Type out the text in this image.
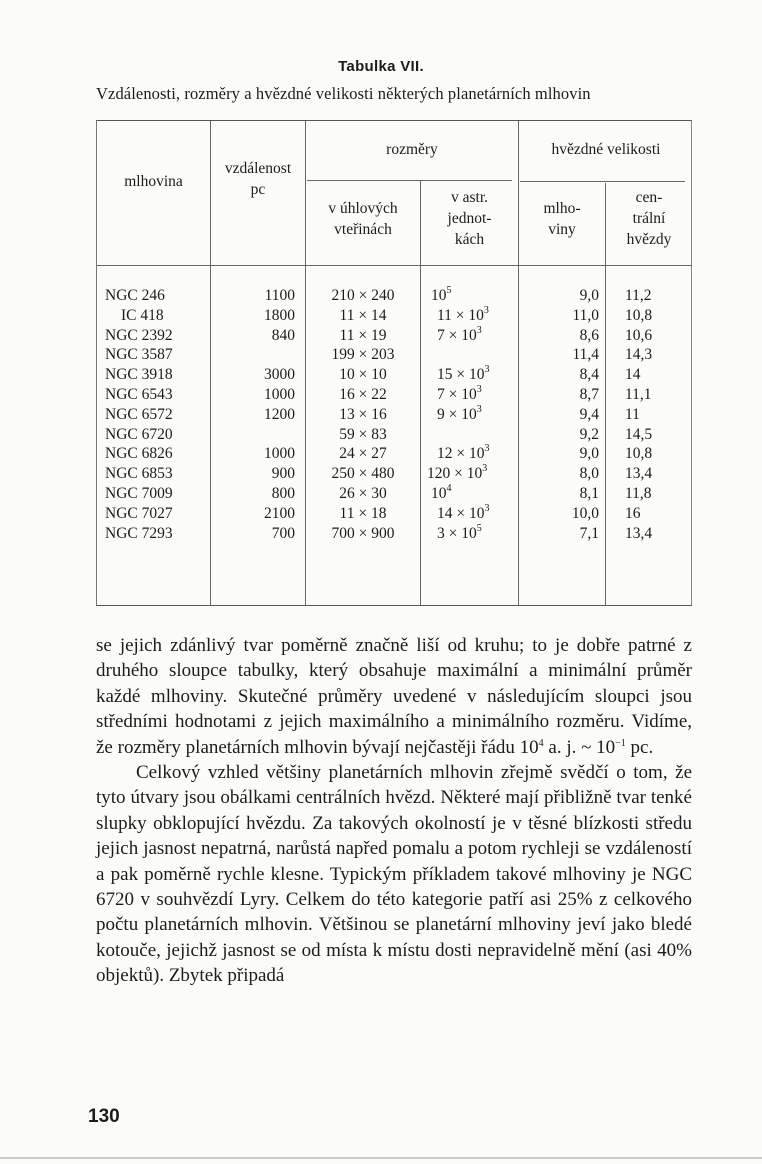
Tabulka VII.
Vzdálenosti, rozměry a hvězdné velikosti některých planetárních mlhovin
mlhovina
vzdálenost
pc
rozměry
v úhlových
vteřinách
v astr.
jednot-
kách
hvězdné velikosti
mlho-
viny
cen-
trální
hvězdy
NGC 246
IC 418
NGC 2392
NGC 3587
NGC 3918
NGC 6543
NGC 6572
NGC 6720
NGC 6826
NGC 6853
NGC 7009
NGC 7027
NGC 7293
1100
1800
840
3000
1000
1200
1000
900
800
2100
700
210 × 240
11 × 14
11 × 19
199 × 203
10 × 10
16 × 22
13 × 16
59 × 83
24 × 27
250 × 480
26 × 30
11 × 18
700 × 900
$10^5$
$11 \times 10^3$
$7 \times 10^3$
$15 \times 10^3$
$7 \times 10^3$
$9 \times 10^3$
$12 \times 10^3$
$120 \times 10^3$
$10^4$
$14 \times 10^3$
$3 \times 10^5$
9,0
11,0
8,6
11,4
8,4
8,7
9,4
9,2
9,0
8,0
8,1
10,0
7,1
11,2
10,8
10,6
14,3
14
11,1
11
14,5
10,8
13,4
11,8
16
13,4

se jejich zdánlivý tvar poměrně značně liší od kruhu; to je dobře patrné z druhého sloupce tabulky, který obsahuje maximální a minimální průměr každé mlhoviny. Skutečné průměry uvedené v následujícím sloupci jsou středními hodnotami z jejich maximálního a minimálního rozměru. Vidíme, že rozměry planetárních mlhovin bývají nejčastěji řádu $10^4$ a. j. ~ $10^{-1}$ pc.

Celkový vzhled většiny planetárních mlhovin zřejmě svědčí o tom, že tyto útvary jsou obálkami centrálních hvězd. Některé mají přibližně tvar tenké slupky obklopující hvězdu. Za takových okolností je v těsné blízkosti středu jejich jasnost nepatrná, narůstá napřed pomalu a potom rychleji se vzdáleností a pak poměrně rychle klesne. Typickým příkladem takové mlhoviny je NGC 6720 v souhvězdí Lyry. Celkem do této kategorie patří asi 25% z celkového počtu planetárních mlhovin. Většinou se planetární mlhoviny jeví jako bledé kotouče, jejichž jasnost se od místa k místu dosti nepravidelně mění (asi 40% objektů). Zbytek připadá

130
